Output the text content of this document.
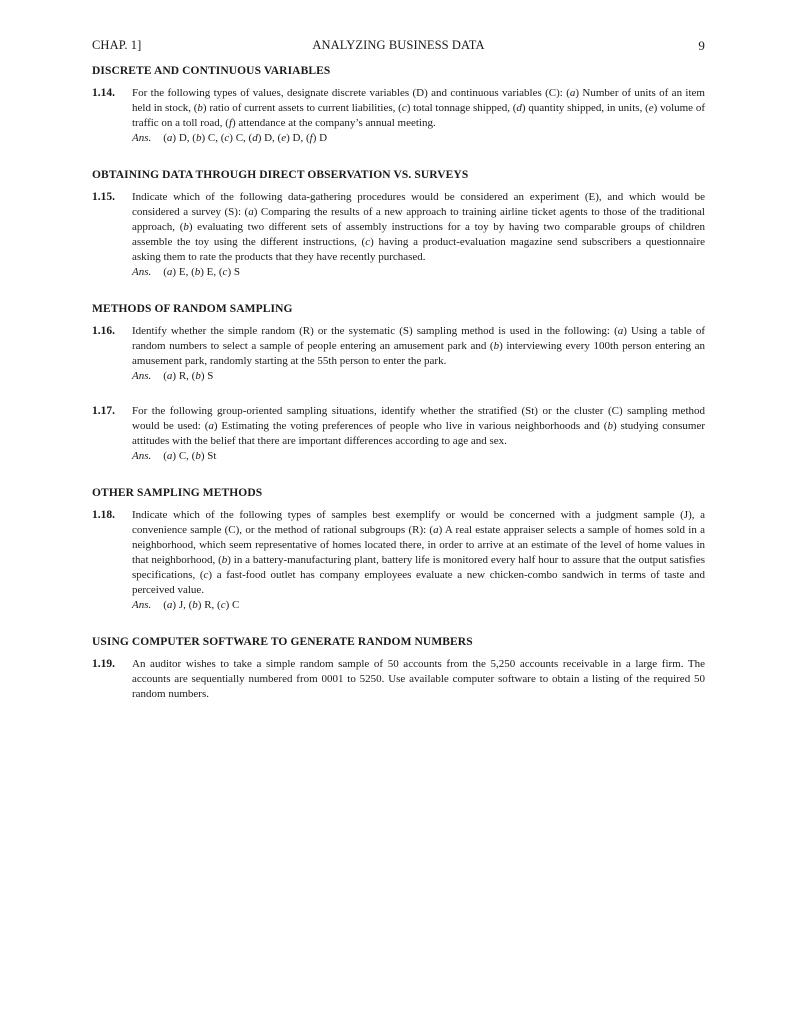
CHAP. 1]	ANALYZING BUSINESS DATA	9
DISCRETE AND CONTINUOUS VARIABLES
1.14. For the following types of values, designate discrete variables (D) and continuous variables (C): (a) Number of units of an item held in stock, (b) ratio of current assets to current liabilities, (c) total tonnage shipped, (d) quantity shipped, in units, (e) volume of traffic on a toll road, (f) attendance at the company’s annual meeting.

Ans. (a) D, (b) C, (c) C, (d) D, (e) D, (f) D

OBTAINING DATA THROUGH DIRECT OBSERVATION VS. SURVEYS
1.15. Indicate which of the following data-gathering procedures would be considered an experiment (E), and which would be considered a survey (S): (a) Comparing the results of a new approach to training airline ticket agents to those of the traditional approach, (b) evaluating two different sets of assembly instructions for a toy by having two comparable groups of children assemble the toy using the different instructions, (c) having a product-evaluation magazine send subscribers a questionnaire asking them to rate the products that they have recently purchased.

Ans. (a) E, (b) E, (c) S

METHODS OF RANDOM SAMPLING
1.16. Identify whether the simple random (R) or the systematic (S) sampling method is used in the following: (a) Using a table of random numbers to select a sample of people entering an amusement park and (b) interviewing every 100th person entering an amusement park, randomly starting at the 55th person to enter the park.

Ans. (a) R, (b) S

1.17. For the following group-oriented sampling situations, identify whether the stratified (St) or the cluster (C) sampling method would be used: (a) Estimating the voting preferences of people who live in various neighborhoods and (b) studying consumer attitudes with the belief that there are important differences according to age and sex.

Ans. (a) C, (b) St

OTHER SAMPLING METHODS
1.18. Indicate which of the following types of samples best exemplify or would be concerned with a judgment sample (J), a convenience sample (C), or the method of rational subgroups (R): (a) A real estate appraiser selects a sample of homes sold in a neighborhood, which seem representative of homes located there, in order to arrive at an estimate of the level of home values in that neighborhood, (b) in a battery-manufacturing plant, battery life is monitored every half hour to assure that the output satisfies specifications, (c) a fast-food outlet has company employees evaluate a new chicken-combo sandwich in terms of taste and perceived value.

Ans. (a) J, (b) R, (c) C

USING COMPUTER SOFTWARE TO GENERATE RANDOM NUMBERS
1.19. An auditor wishes to take a simple random sample of 50 accounts from the 5,250 accounts receivable in a large firm. The accounts are sequentially numbered from 0001 to 5250. Use available computer software to obtain a listing of the required 50 random numbers.
